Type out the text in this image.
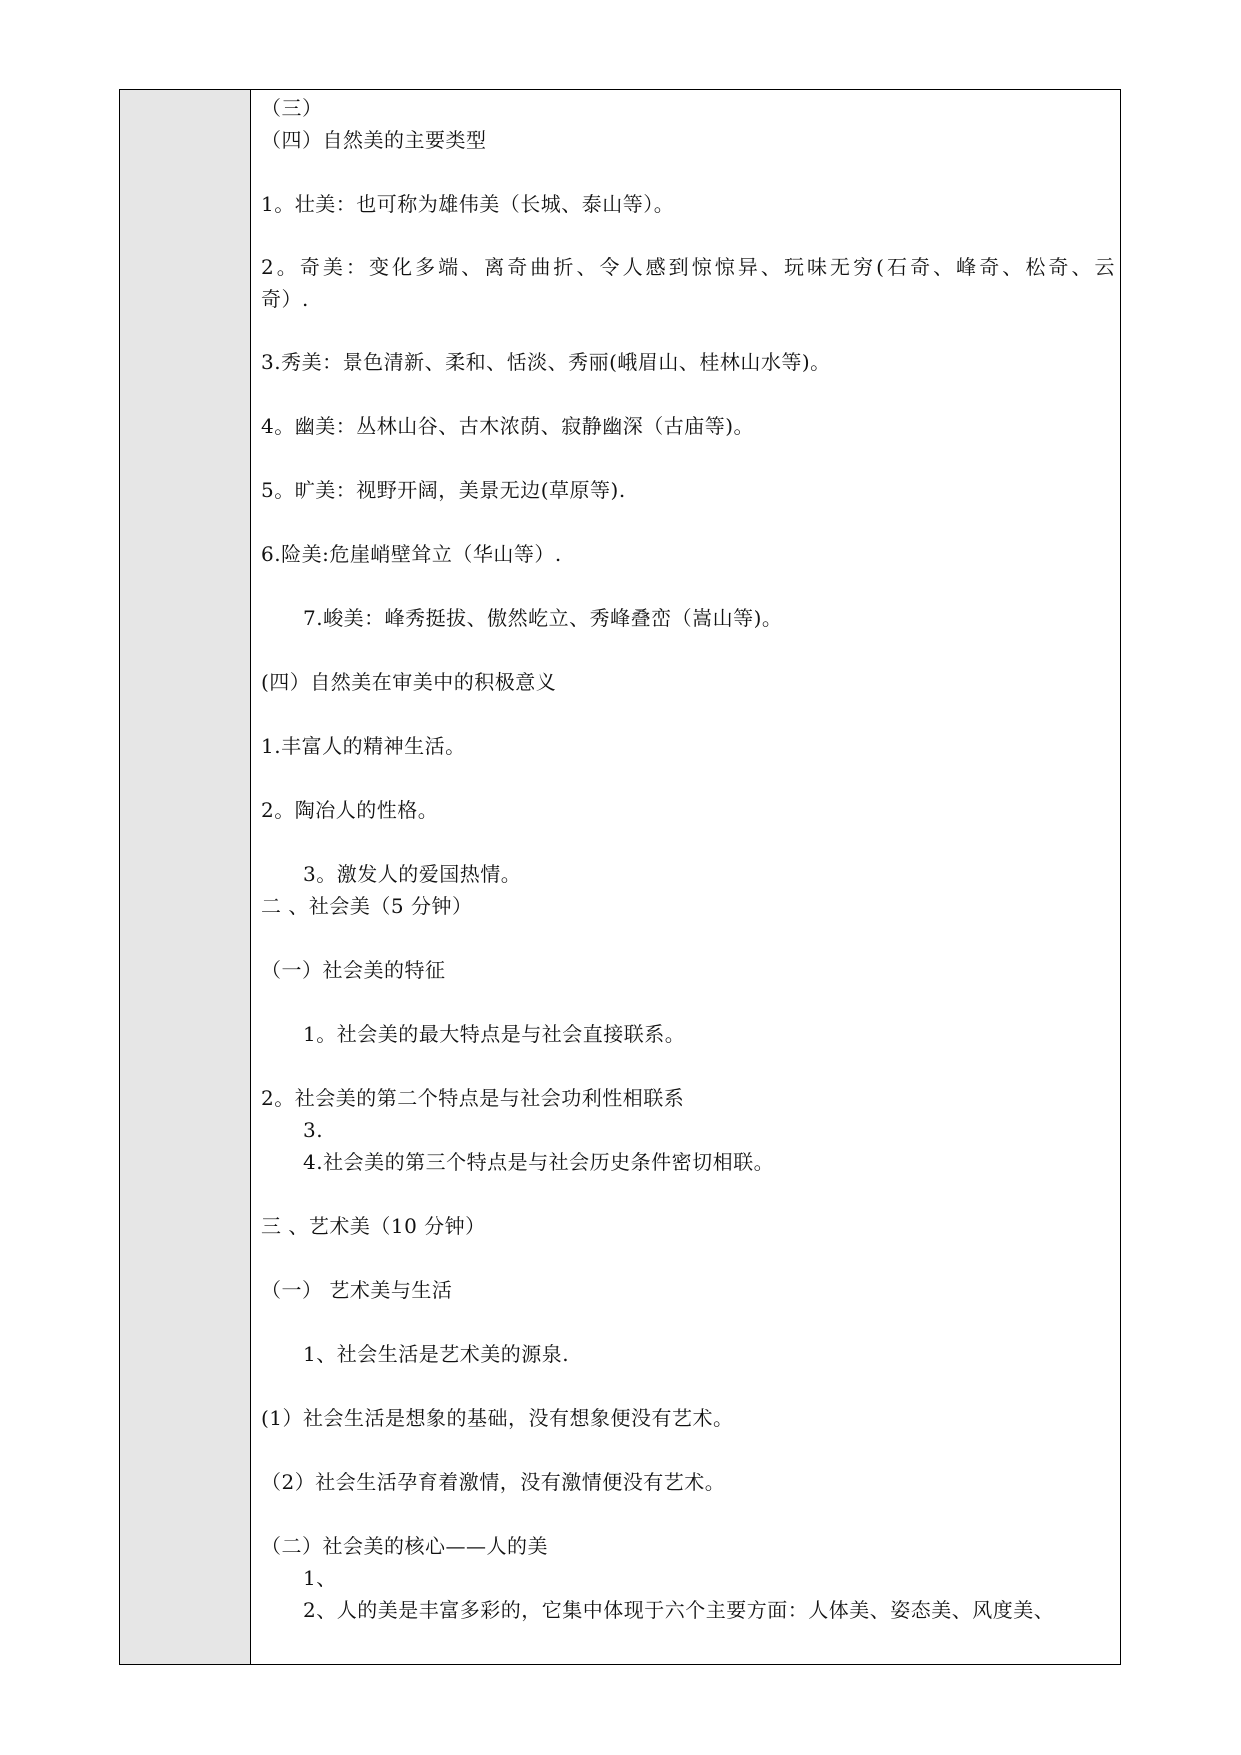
（三）
（四）自然美的主要类型
1。壮美：也可称为雄伟美（长城、泰山等）。
2。奇美：变化多端、离奇曲折、令人感到惊惊异、玩味无穷(石奇、峰奇、松奇、云
奇）.
3.秀美：景色清新、柔和、恬淡、秀丽(峨眉山、桂林山水等)。
4。幽美：丛林山谷、古木浓荫、寂静幽深（古庙等)。
5。旷美：视野开阔，美景无边(草原等).
6.险美:危崖峭壁耸立（华山等）.
7.峻美：峰秀挺拔、傲然屹立、秀峰叠峦（嵩山等)。
(四）自然美在审美中的积极意义
1.丰富人的精神生活。
2。陶冶人的性格。
3。激发人的爱国热情。
二 、社会美（5 分钟）
（一）社会美的特征
1。社会美的最大特点是与社会直接联系。
2。社会美的第二个特点是与社会功利性相联系
3.
4.社会美的第三个特点是与社会历史条件密切相联。
三 、艺术美（10 分钟）
（一） 艺术美与生活
1、社会生活是艺术美的源泉.
(1）社会生活是想象的基础，没有想象便没有艺术。
（2）社会生活孕育着激情，没有激情便没有艺术。
（二）社会美的核心——人的美
1、
2、人的美是丰富多彩的，它集中体现于六个主要方面：人体美、姿态美、风度美、
